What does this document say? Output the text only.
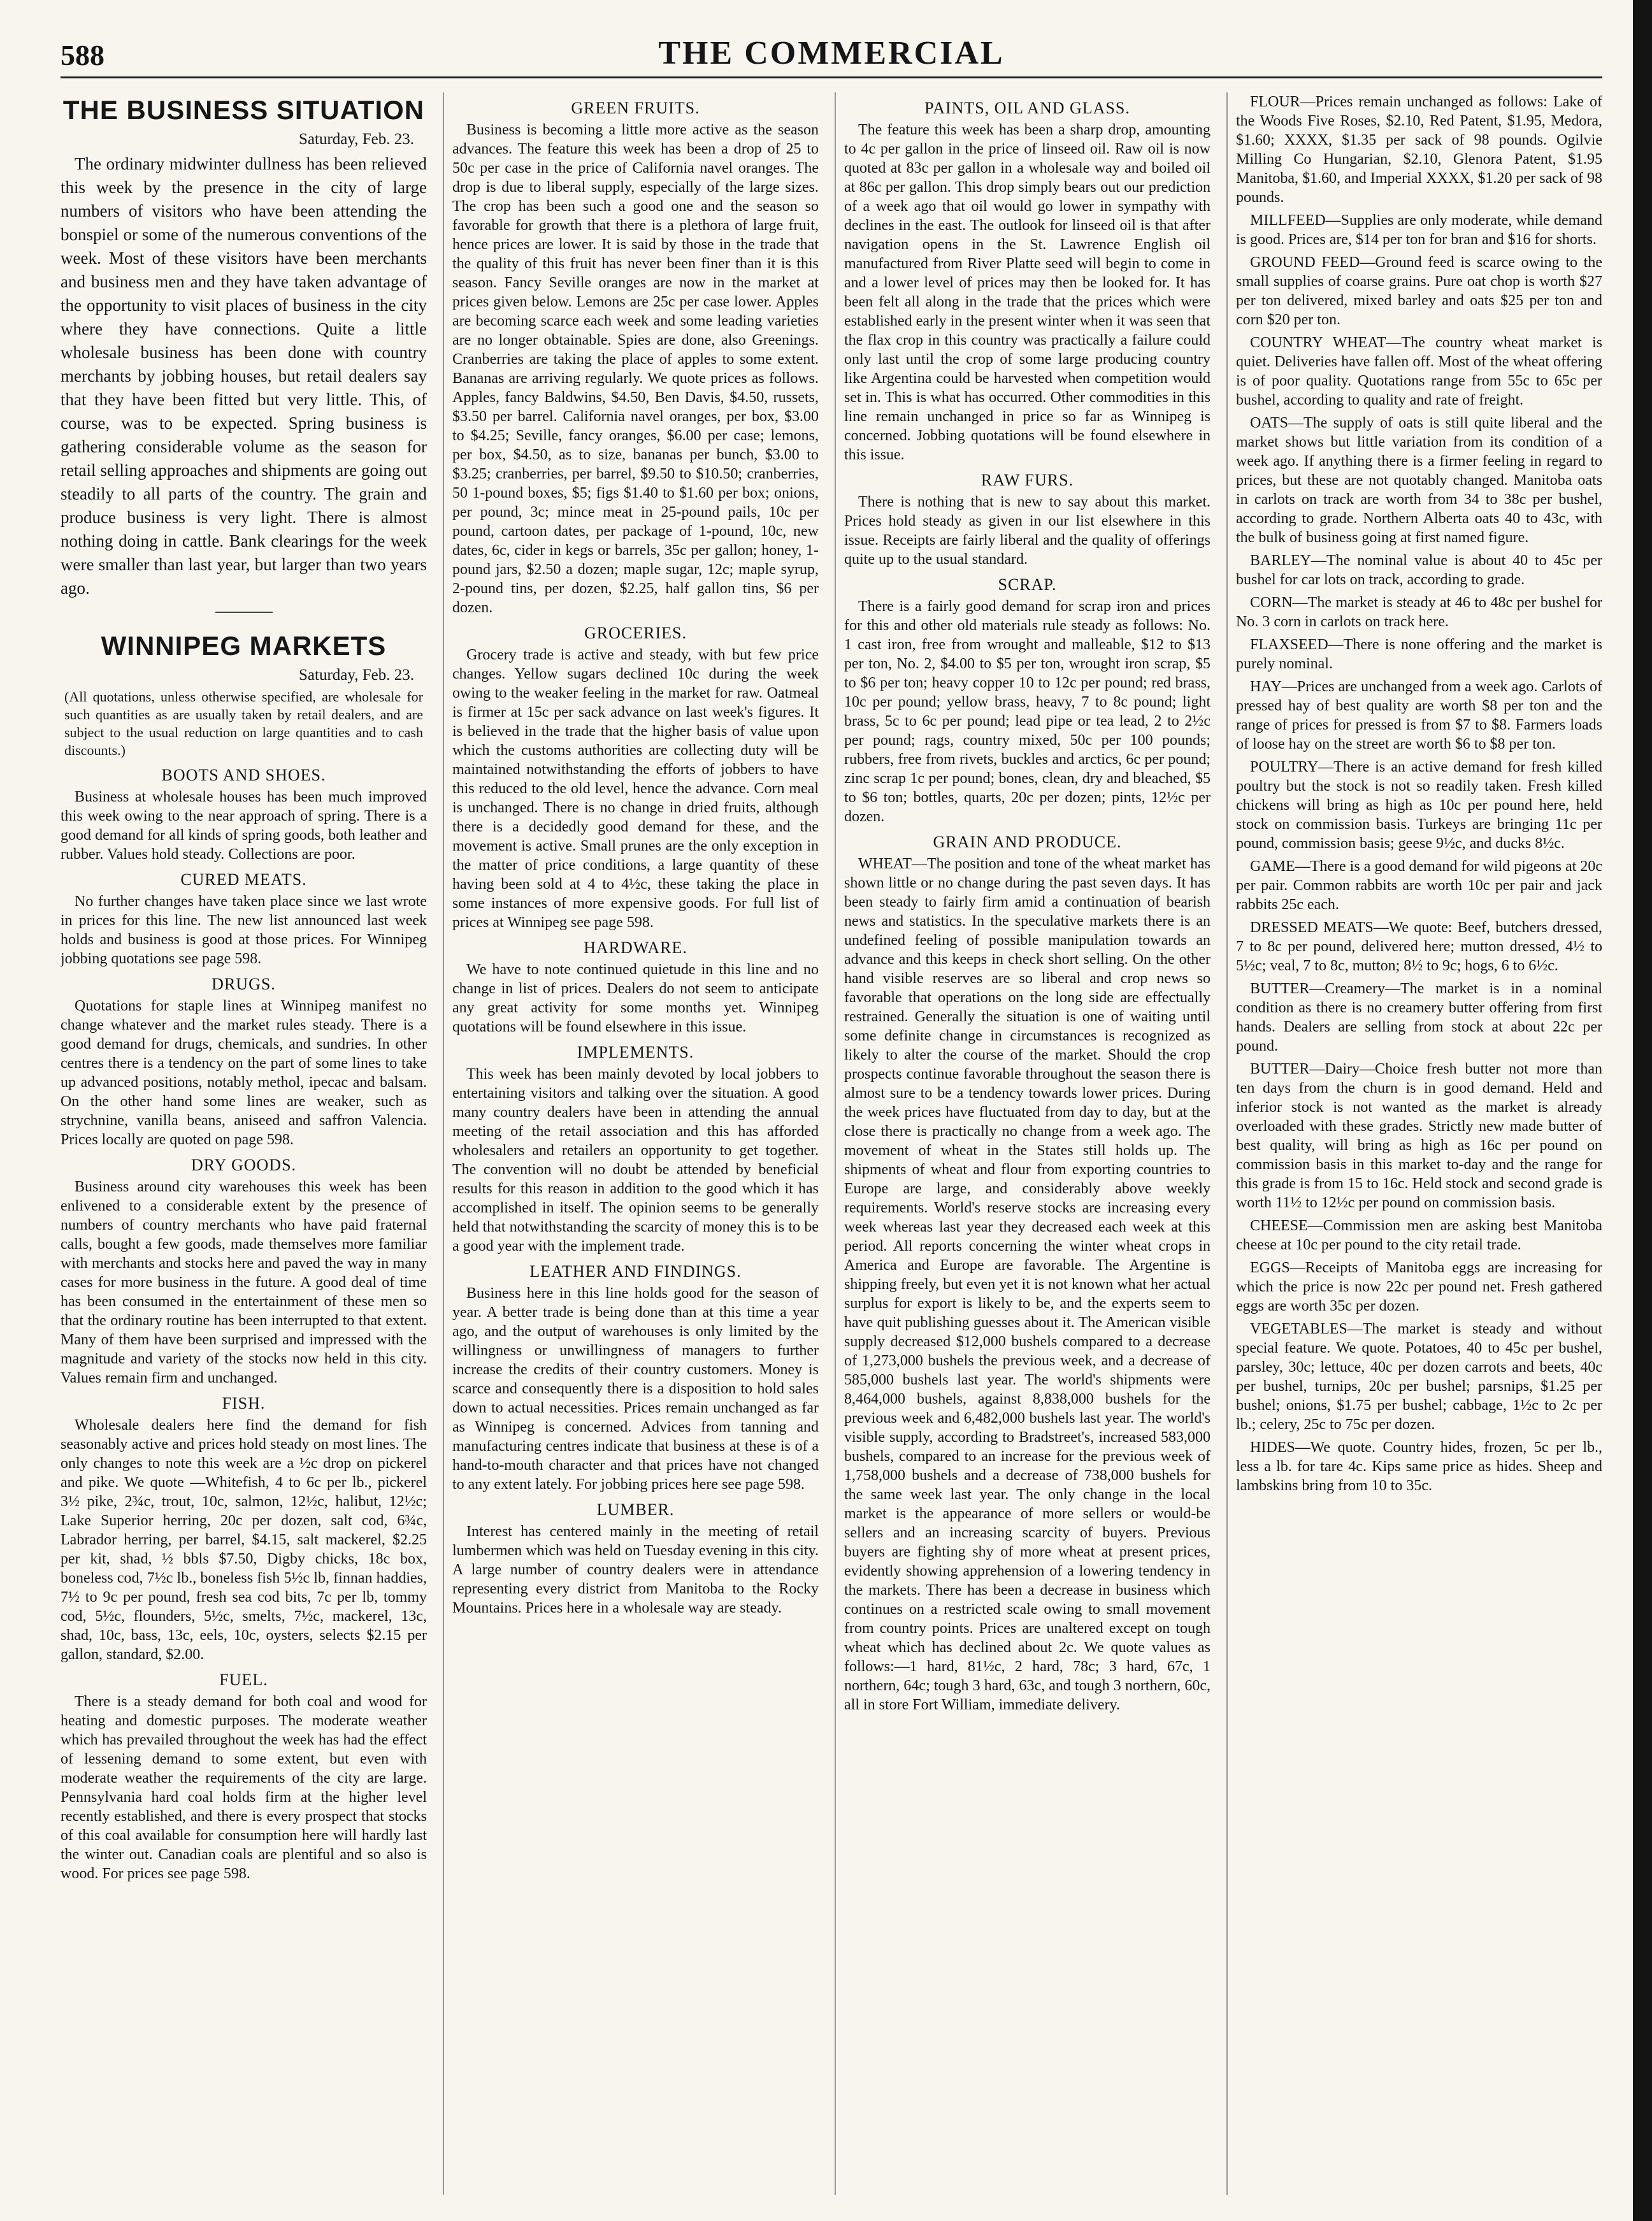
588	THE COMMERCIAL
THE BUSINESS SITUATION
Saturday, Feb. 23.

The ordinary midwinter dullness has been relieved this week by the presence in the city of large numbers of visitors who have been attending the bonspiel or some of the numerous conventions of the week. Most of these visitors have been merchants and business men and they have taken advantage of the opportunity to visit places of business in the city where they have connections. Quite a little wholesale business has been done with country merchants by jobbing houses, but retail dealers say that they have been fitted but very little. This, of course, was to be expected. Spring business is gathering considerable volume as the season for retail selling approaches and shipments are going out steadily to all parts of the country. The grain and produce business is very light. There is almost nothing doing in cattle. Bank clearings for the week were smaller than last year, but larger than two years ago.

WINNIPEG MARKETS
Saturday, Feb. 23.

(All quotations, unless otherwise specified, are wholesale for such quantities as are usually taken by retail dealers, and are subject to the usual reduction on large quantities and to cash discounts.)

BOOTS AND SHOES.

Business at wholesale houses has been much improved this week owing to the near approach of spring. There is a good demand for all kinds of spring goods, both leather and rubber. Values hold steady. Collections are poor.

CURED MEATS.

No further changes have taken place since we last wrote in prices for this line. The new list announced last week holds and business is good at those prices. For Winnipeg jobbing quotations see page 598.

DRUGS.

Quotations for staple lines at Winnipeg manifest no change whatever and the market rules steady. There is a good demand for drugs, chemicals, and sundries. In other centres there is a tendency on the part of some lines to take up advanced positions, notably methol, ipecac and balsam. On the other hand some lines are weaker, such as strychnine, vanilla beans, aniseed and saffron Valencia. Prices locally are quoted on page 598.

DRY GOODS.

Business around city warehouses this week has been enlivened to a considerable extent by the presence of numbers of country merchants who have paid fraternal calls, bought a few goods, made themselves more familiar with merchants and stocks here and paved the way in many cases for more business in the future. A good deal of time has been consumed in the entertainment of these men so that the ordinary routine has been interrupted to that extent. Many of them have been surprised and impressed with the magnitude and variety of the stocks now held in this city. Values remain firm and unchanged.

FISH.

Wholesale dealers here find the demand for fish seasonably active and prices hold steady on most lines. The only changes to note this week are a ½c drop on pickerel and pike. We quote —Whitefish, 4 to 6c per lb., pickerel 3½ pike, 2¾c, trout, 10c, salmon, 12½c, halibut, 12½c; Lake Superior herring, 20c per dozen, salt cod, 6¾c, Labrador herring, per barrel, $4.15, salt mackerel, $2.25 per kit, shad, ½ bbls $7.50, Digby chicks, 18c box, boneless cod, 7½c lb., boneless fish 5½c lb, finnan haddies, 7½ to 9c per pound, fresh sea cod bits, 7c per lb, tommy cod, 5½c, flounders, 5½c, smelts, 7½c, mackerel, 13c, shad, 10c, bass, 13c, eels, 10c, oysters, selects $2.15 per gallon, standard, $2.00.

FUEL.

There is a steady demand for both coal and wood for heating and domestic purposes. The moderate weather which has prevailed throughout the week has had the effect of lessening demand to some extent, but even with moderate weather the requirements of the city are large. Pennsylvania hard coal holds firm at the higher level recently established, and there is every prospect that stocks of this coal available for consumption here will hardly last the winter out. Canadian coals are plentiful and so also is wood. For prices see page 598.

GREEN FRUITS.

Business is becoming a little more active as the season advances. The feature this week has been a drop of 25 to 50c per case in the price of California navel oranges. The drop is due to liberal supply, especially of the large sizes. The crop has been such a good one and the season so favorable for growth that there is a plethora of large fruit, hence prices are lower. It is said by those in the trade that the quality of this fruit has never been finer than it is this season. Fancy Seville oranges are now in the market at prices given below. Lemons are 25c per case lower. Apples are becoming scarce each week and some leading varieties are no longer obtainable. Spies are done, also Greenings. Cranberries are taking the place of apples to some extent. Bananas are arriving regularly. We quote prices as follows. Apples, fancy Baldwins, $4.50, Ben Davis, $4.50, russets, $3.50 per barrel. California navel oranges, per box, $3.00 to $4.25; Seville, fancy oranges, $6.00 per case; lemons, per box, $4.50, as to size, bananas per bunch, $3.00 to $3.25; cranberries, per barrel, $9.50 to $10.50; cranberries, 50 1-pound boxes, $5; figs $1.40 to $1.60 per box; onions, per pound, 3c; mince meat in 25-pound pails, 10c per pound, cartoon dates, per package of 1-pound, 10c, new dates, 6c, cider in kegs or barrels, 35c per gallon; honey, 1-pound jars, $2.50 a dozen; maple sugar, 12c; maple syrup, 2-pound tins, per dozen, $2.25, half gallon tins, $6 per dozen.

GROCERIES.

Grocery trade is active and steady, with but few price changes. Yellow sugars declined 10c during the week owing to the weaker feeling in the market for raw. Oatmeal is firmer at 15c per sack advance on last week's figures. It is believed in the trade that the higher basis of value upon which the customs authorities are collecting duty will be maintained notwithstanding the efforts of jobbers to have this reduced to the old level, hence the advance. Corn meal is unchanged. There is no change in dried fruits, although there is a decidedly good demand for these, and the movement is active. Small prunes are the only exception in the matter of price conditions, a large quantity of these having been sold at 4 to 4½c, these taking the place in some instances of more expensive goods. For full list of prices at Winnipeg see page 598.

HARDWARE.

We have to note continued quietude in this line and no change in list of prices. Dealers do not seem to anticipate any great activity for some months yet. Winnipeg quotations will be found elsewhere in this issue.

IMPLEMENTS.

This week has been mainly devoted by local jobbers to entertaining visitors and talking over the situation. A good many country dealers have been in attending the annual meeting of the retail association and this has afforded wholesalers and retailers an opportunity to get together. The convention will no doubt be attended by beneficial results for this reason in addition to the good which it has accomplished in itself. The opinion seems to be generally held that notwithstanding the scarcity of money this is to be a good year with the implement trade.

LEATHER AND FINDINGS.

Business here in this line holds good for the season of year. A better trade is being done than at this time a year ago, and the output of warehouses is only limited by the willingness or unwillingness of managers to further increase the credits of their country customers. Money is scarce and consequently there is a disposition to hold sales down to actual necessities. Prices remain unchanged as far as Winnipeg is concerned. Advices from tanning and manufacturing centres indicate that business at these is of a hand-to-mouth character and that prices have not changed to any extent lately. For jobbing prices here see page 598.

LUMBER.

Interest has centered mainly in the meeting of retail lumbermen which was held on Tuesday evening in this city. A large number of country dealers were in attendance representing every district from Manitoba to the Rocky Mountains. Prices here in a wholesale way are steady.

PAINTS, OIL AND GLASS.

The feature this week has been a sharp drop, amounting to 4c per gallon in the price of linseed oil. Raw oil is now quoted at 83c per gallon in a wholesale way and boiled oil at 86c per gallon. This drop simply bears out our prediction of a week ago that oil would go lower in sympathy with declines in the east. The outlook for linseed oil is that after navigation opens in the St. Lawrence English oil manufactured from River Platte seed will begin to come in and a lower level of prices may then be looked for. It has been felt all along in the trade that the prices which were established early in the present winter when it was seen that the flax crop in this country was practically a failure could only last until the crop of some large producing country like Argentina could be harvested when competition would set in. This is what has occurred. Other commodities in this line remain unchanged in price so far as Winnipeg is concerned. Jobbing quotations will be found elsewhere in this issue.

RAW FURS.

There is nothing that is new to say about this market. Prices hold steady as given in our list elsewhere in this issue. Receipts are fairly liberal and the quality of offerings quite up to the usual standard.

SCRAP.

There is a fairly good demand for scrap iron and prices for this and other old materials rule steady as follows: No. 1 cast iron, free from wrought and malleable, $12 to $13 per ton, No. 2, $4.00 to $5 per ton, wrought iron scrap, $5 to $6 per ton; heavy copper 10 to 12c per pound; red brass, 10c per pound; yellow brass, heavy, 7 to 8c pound; light brass, 5c to 6c per pound; lead pipe or tea lead, 2 to 2½c per pound; rags, country mixed, 50c per 100 pounds; rubbers, free from rivets, buckles and arctics, 6c per pound; zinc scrap 1c per pound; bones, clean, dry and bleached, $5 to $6 ton; bottles, quarts, 20c per dozen; pints, 12½c per dozen.

GRAIN AND PRODUCE.

WHEAT—The position and tone of the wheat market has shown little or no change during the past seven days. It has been steady to fairly firm amid a continuation of bearish news and statistics. In the speculative markets there is an undefined feeling of possible manipulation towards an advance and this keeps in check short selling. On the other hand visible reserves are so liberal and crop news so favorable that operations on the long side are effectually restrained. Generally the situation is one of waiting until some definite change in circumstances is recognized as likely to alter the course of the market. Should the crop prospects continue favorable throughout the season there is almost sure to be a tendency towards lower prices. During the week prices have fluctuated from day to day, but at the close there is practically no change from a week ago. The movement of wheat in the States still holds up. The shipments of wheat and flour from exporting countries to Europe are large, and considerably above weekly requirements. World's reserve stocks are increasing every week whereas last year they decreased each week at this period. All reports concerning the winter wheat crops in America and Europe are favorable. The Argentine is shipping freely, but even yet it is not known what her actual surplus for export is likely to be, and the experts seem to have quit publishing guesses about it. The American visible supply decreased $12,000 bushels compared to a decrease of 1,273,000 bushels the previous week, and a decrease of 585,000 bushels last year. The world's shipments were 8,464,000 bushels, against 8,838,000 bushels for the previous week and 6,482,000 bushels last year. The world's visible supply, according to Bradstreet's, increased 583,000 bushels, compared to an increase for the previous week of 1,758,000 bushels and a decrease of 738,000 bushels for the same week last year. The only change in the local market is the appearance of more sellers or would-be sellers and an increasing scarcity of buyers. Previous buyers are fighting shy of more wheat at present prices, evidently showing apprehension of a lowering tendency in the markets. There has been a decrease in business which continues on a restricted scale owing to small movement from country points. Prices are unaltered except on tough wheat which has declined about 2c. We quote values as follows:—1 hard, 81½c, 2 hard, 78c; 3 hard, 67c, 1 northern, 64c; tough 3 hard, 63c, and tough 3 northern, 60c, all in store Fort William, immediate delivery.

FLOUR—Prices remain unchanged as follows: Lake of the Woods Five Roses, $2.10, Red Patent, $1.95, Medora, $1.60; XXXX, $1.35 per sack of 98 pounds. Ogilvie Milling Co Hungarian, $2.10, Glenora Patent, $1.95 Manitoba, $1.60, and Imperial XXXX, $1.20 per sack of 98 pounds.

MILLFEED—Supplies are only moderate, while demand is good. Prices are, $14 per ton for bran and $16 for shorts.

GROUND FEED—Ground feed is scarce owing to the small supplies of coarse grains. Pure oat chop is worth $27 per ton delivered, mixed barley and oats $25 per ton and corn $20 per ton.

COUNTRY WHEAT—The country wheat market is quiet. Deliveries have fallen off. Most of the wheat offering is of poor quality. Quotations range from 55c to 65c per bushel, according to quality and rate of freight.

OATS—The supply of oats is still quite liberal and the market shows but little variation from its condition of a week ago. If anything there is a firmer feeling in regard to prices, but these are not quotably changed. Manitoba oats in carlots on track are worth from 34 to 38c per bushel, according to grade. Northern Alberta oats 40 to 43c, with the bulk of business going at first named figure.

BARLEY—The nominal value is about 40 to 45c per bushel for car lots on track, according to grade.

CORN—The market is steady at 46 to 48c per bushel for No. 3 corn in carlots on track here.

FLAXSEED—There is none offering and the market is purely nominal.

HAY—Prices are unchanged from a week ago. Carlots of pressed hay of best quality are worth $8 per ton and the range of prices for pressed is from $7 to $8. Farmers loads of loose hay on the street are worth $6 to $8 per ton.

POULTRY—There is an active demand for fresh killed poultry but the stock is not so readily taken. Fresh killed chickens will bring as high as 10c per pound here, held stock on commission basis. Turkeys are bringing 11c per pound, commission basis; geese 9½c, and ducks 8½c.

GAME—There is a good demand for wild pigeons at 20c per pair. Common rabbits are worth 10c per pair and jack rabbits 25c each.

DRESSED MEATS—We quote: Beef, butchers dressed, 7 to 8c per pound, delivered here; mutton dressed, 4½ to 5½c; veal, 7 to 8c, mutton; 8½ to 9c; hogs, 6 to 6½c.

BUTTER—Creamery—The market is in a nominal condition as there is no creamery butter offering from first hands. Dealers are selling from stock at about 22c per pound.

BUTTER—Dairy—Choice fresh butter not more than ten days from the churn is in good demand. Held and inferior stock is not wanted as the market is already overloaded with these grades. Strictly new made butter of best quality, will bring as high as 16c per pound on commission basis in this market to-day and the range for this grade is from 15 to 16c. Held stock and second grade is worth 11½ to 12½c per pound on commission basis.

CHEESE—Commission men are asking best Manitoba cheese at 10c per pound to the city retail trade.

EGGS—Receipts of Manitoba eggs are increasing for which the price is now 22c per pound net. Fresh gathered eggs are worth 35c per dozen.

VEGETABLES—The market is steady and without special feature. We quote. Potatoes, 40 to 45c per bushel, parsley, 30c; lettuce, 40c per dozen carrots and beets, 40c per bushel, turnips, 20c per bushel; parsnips, $1.25 per bushel; onions, $1.75 per bushel; cabbage, 1½c to 2c per lb.; celery, 25c to 75c per dozen.

HIDES—We quote. Country hides, frozen, 5c per lb., less a lb. for tare 4c. Kips same price as hides. Sheep and lambskins bring from 10 to 35c.
